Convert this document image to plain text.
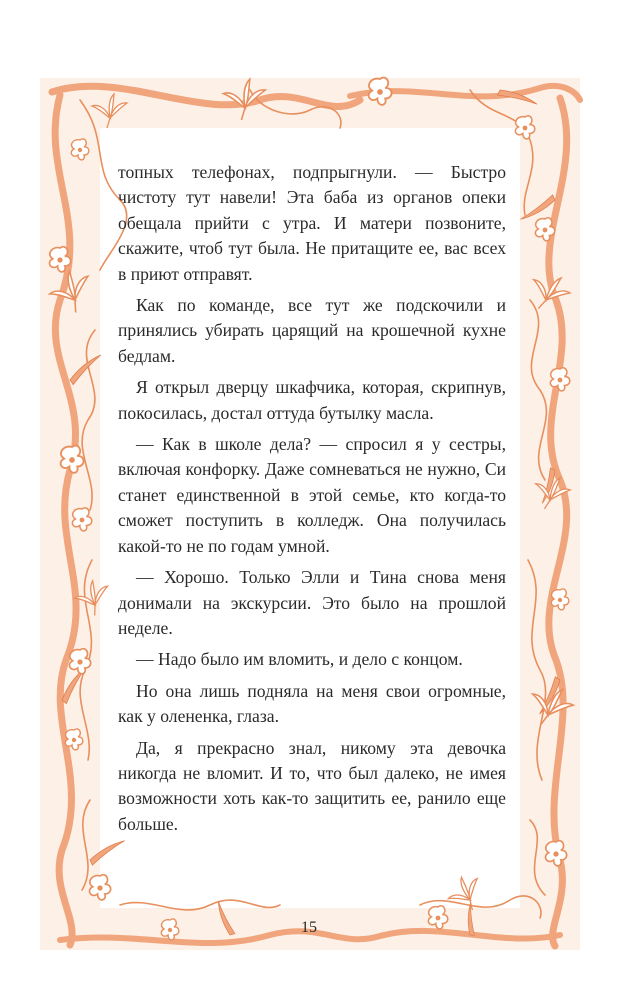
топных телефонах, подпрыгнули. — Быстро чистоту тут навели! Эта баба из органов опеки обещала прийти с утра. И матери позвоните, скажите, чтоб тут была. Не притащите ее, вас всех в приют отправят.

Как по команде, все тут же подскочили и принялись убирать царящий на крошечной кухне бедлам.

Я открыл дверцу шкафчика, которая, скрипнув, покосилась, достал оттуда бутылку масла.

— Как в школе дела? — спросил я у сестры, включая конфорку. Даже сомневаться не нужно, Си станет единственной в этой семье, кто когда-то сможет поступить в колледж. Она получилась какой-то не по годам умной.

— Хорошо. Только Элли и Тина снова меня донимали на экскурсии. Это было на прошлой неделе.

— Надо было им вломить, и дело с концом.

Но она лишь подняла на меня свои огромные, как у олененка, глаза.

Да, я прекрасно знал, никому эта девочка никогда не вломит. И то, что был далеко, не имея возможности хоть как-то защитить ее, ранило еще больше.

15
